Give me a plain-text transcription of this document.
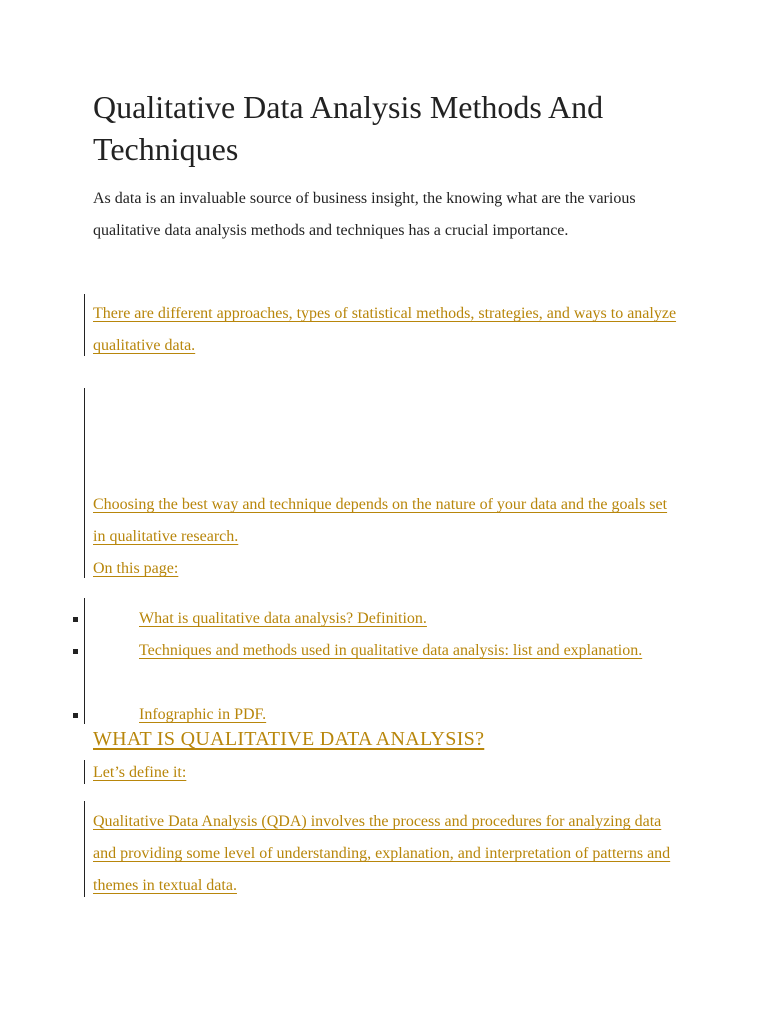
Qualitative Data Analysis Methods And Techniques

As data is an invaluable source of business insight, the knowing what are the various qualitative data analysis methods and techniques has a crucial importance.

There are different approaches, types of statistical methods, strategies, and ways to analyze qualitative data.

Choosing the best way and technique depends on the nature of your data and the goals set in qualitative research.

On this page:

What is qualitative data analysis? Definition.

Techniques and methods used in qualitative data analysis: list and explanation.

Infographic in PDF.

WHAT IS QUALITATIVE DATA ANALYSIS?

Let’s define it:

Qualitative Data Analysis (QDA) involves the process and procedures for analyzing data and providing some level of understanding, explanation, and interpretation of patterns and themes in textual data.
